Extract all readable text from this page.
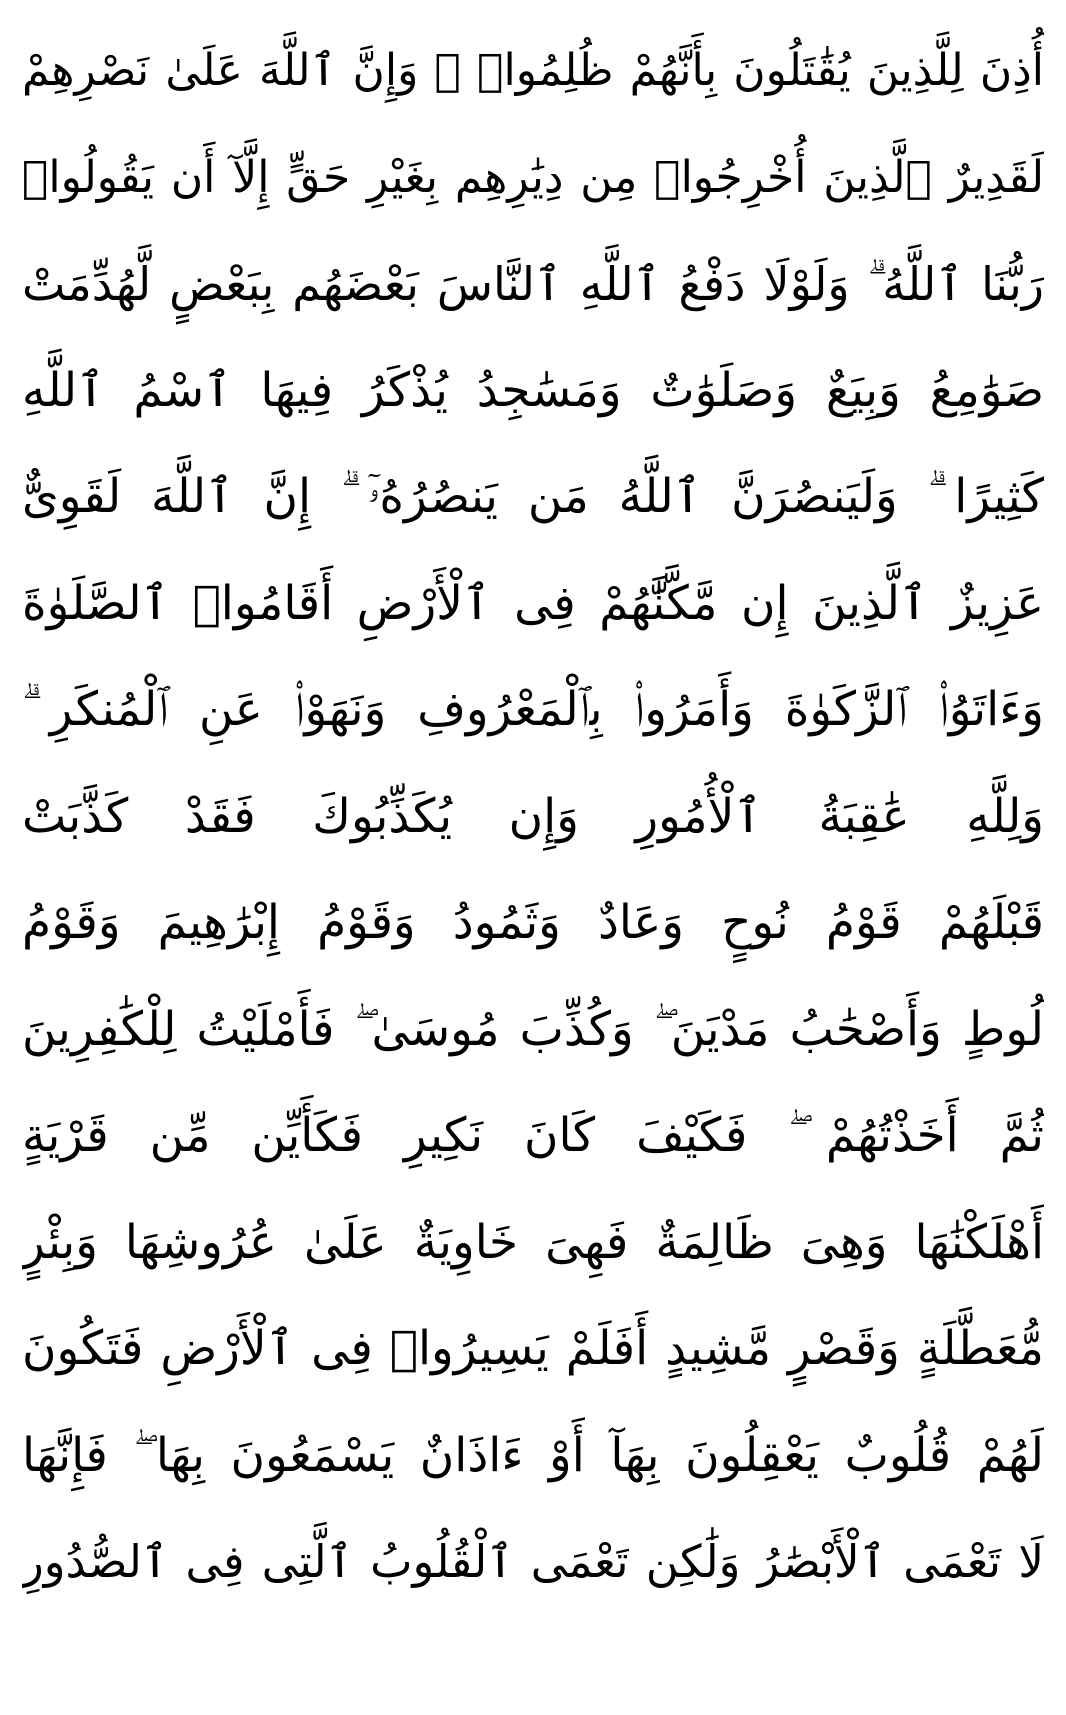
أُذِنَ لِلَّذِينَ يُقَٰتَلُونَ بِأَنَّهُمْ ظُلِمُوا۟ ۚ وَإِنَّ ٱللَّهَ عَلَىٰ نَصْرِهِمْ
لَقَدِيرٌ ٱلَّذِينَ أُخْرِجُوا۟ مِن دِيَٰرِهِم بِغَيْرِ حَقٍّ إِلَّآ أَن يَقُولُوا۟
رَبُّنَا ٱللَّهُ ۗ وَلَوْلَا دَفْعُ ٱللَّهِ ٱلنَّاسَ بَعْضَهُم بِبَعْضٍ لَّهُدِّمَتْ
صَوَٰمِعُ وَبِيَعٌ وَصَلَوَٰتٌ وَمَسَٰجِدُ يُذْكَرُ فِيهَا ٱسْمُ ٱللَّهِ
كَثِيرًا ۗ وَلَيَنصُرَنَّ ٱللَّهُ مَن يَنصُرُهُۥٓ ۗ إِنَّ ٱللَّهَ لَقَوِىٌّ
عَزِيزٌ ٱلَّذِينَ إِن مَّكَّنَّٰهُمْ فِى ٱلْأَرْضِ أَقَامُوا۟ ٱلصَّلَوٰةَ
وَءَاتَوُا۟ ٱلزَّكَوٰةَ وَأَمَرُوا۟ بِٱلْمَعْرُوفِ وَنَهَوْا۟ عَنِ ٱلْمُنكَرِ ۗ
وَلِلَّهِ عَٰقِبَةُ ٱلْأُمُورِ وَإِن يُكَذِّبُوكَ فَقَدْ كَذَّبَتْ
قَبْلَهُمْ قَوْمُ نُوحٍ وَعَادٌ وَثَمُودُ وَقَوْمُ إِبْرَٰهِيمَ وَقَوْمُ
لُوطٍ وَأَصْحَٰبُ مَدْيَنَ ۖ وَكُذِّبَ مُوسَىٰ ۖ فَأَمْلَيْتُ لِلْكَٰفِرِينَ
ثُمَّ أَخَذْتُهُمْ ۖ فَكَيْفَ كَانَ نَكِيرِ فَكَأَيِّن مِّن قَرْيَةٍ
أَهْلَكْنَٰهَا وَهِىَ ظَالِمَةٌ فَهِىَ خَاوِيَةٌ عَلَىٰ عُرُوشِهَا وَبِئْرٍ
مُّعَطَّلَةٍ وَقَصْرٍ مَّشِيدٍ أَفَلَمْ يَسِيرُوا۟ فِى ٱلْأَرْضِ فَتَكُونَ
لَهُمْ قُلُوبٌ يَعْقِلُونَ بِهَآ أَوْ ءَاذَانٌ يَسْمَعُونَ بِهَا ۖ فَإِنَّهَا
لَا تَعْمَى ٱلْأَبْصَٰرُ وَلَٰكِن تَعْمَى ٱلْقُلُوبُ ٱلَّتِى فِى ٱلصُّدُورِ
